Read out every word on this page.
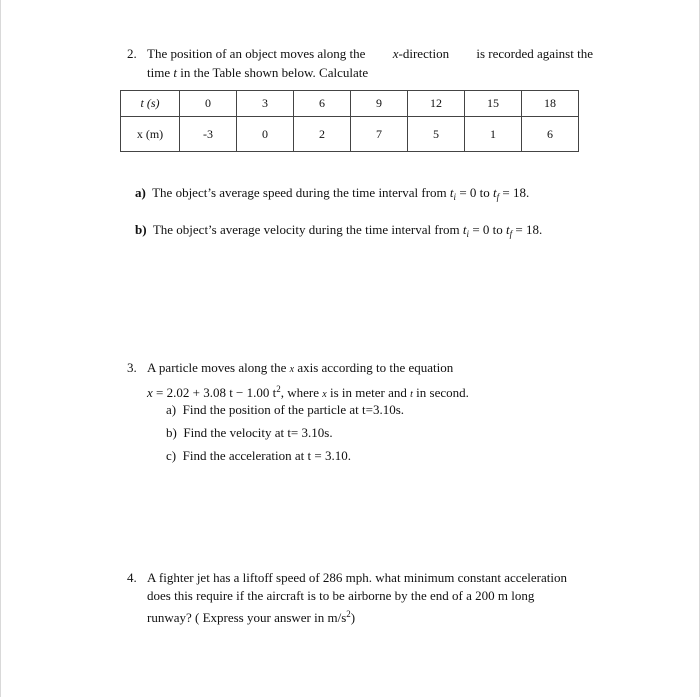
2. The position of an object moves along the x-direction is recorded against the
time t in the Table shown below. Calculate
t (s)	0	3	6	9	12	15	18
x (m)	-3	0	2	7	5	1	6
a) The object’s average speed during the time interval from $t_i = 0$ to $t_f = 18$.
b) The object’s average velocity during the time interval from $t_i = 0$ to $t_f = 18$.
3. A particle moves along the x axis according to the equation
x = 2.02 + 3.08 t − 1.00 $t^2$, where x is in meter and t in second.
a) Find the position of the particle at t=3.10s.
b) Find the velocity at t= 3.10s.
c) Find the acceleration at t = 3.10.
4. A fighter jet has a liftoff speed of 286 mph. what minimum constant acceleration
does this require if the aircraft is to be airborne by the end of a 200 m long
runway? ( Express your answer in $m/s^2$)
